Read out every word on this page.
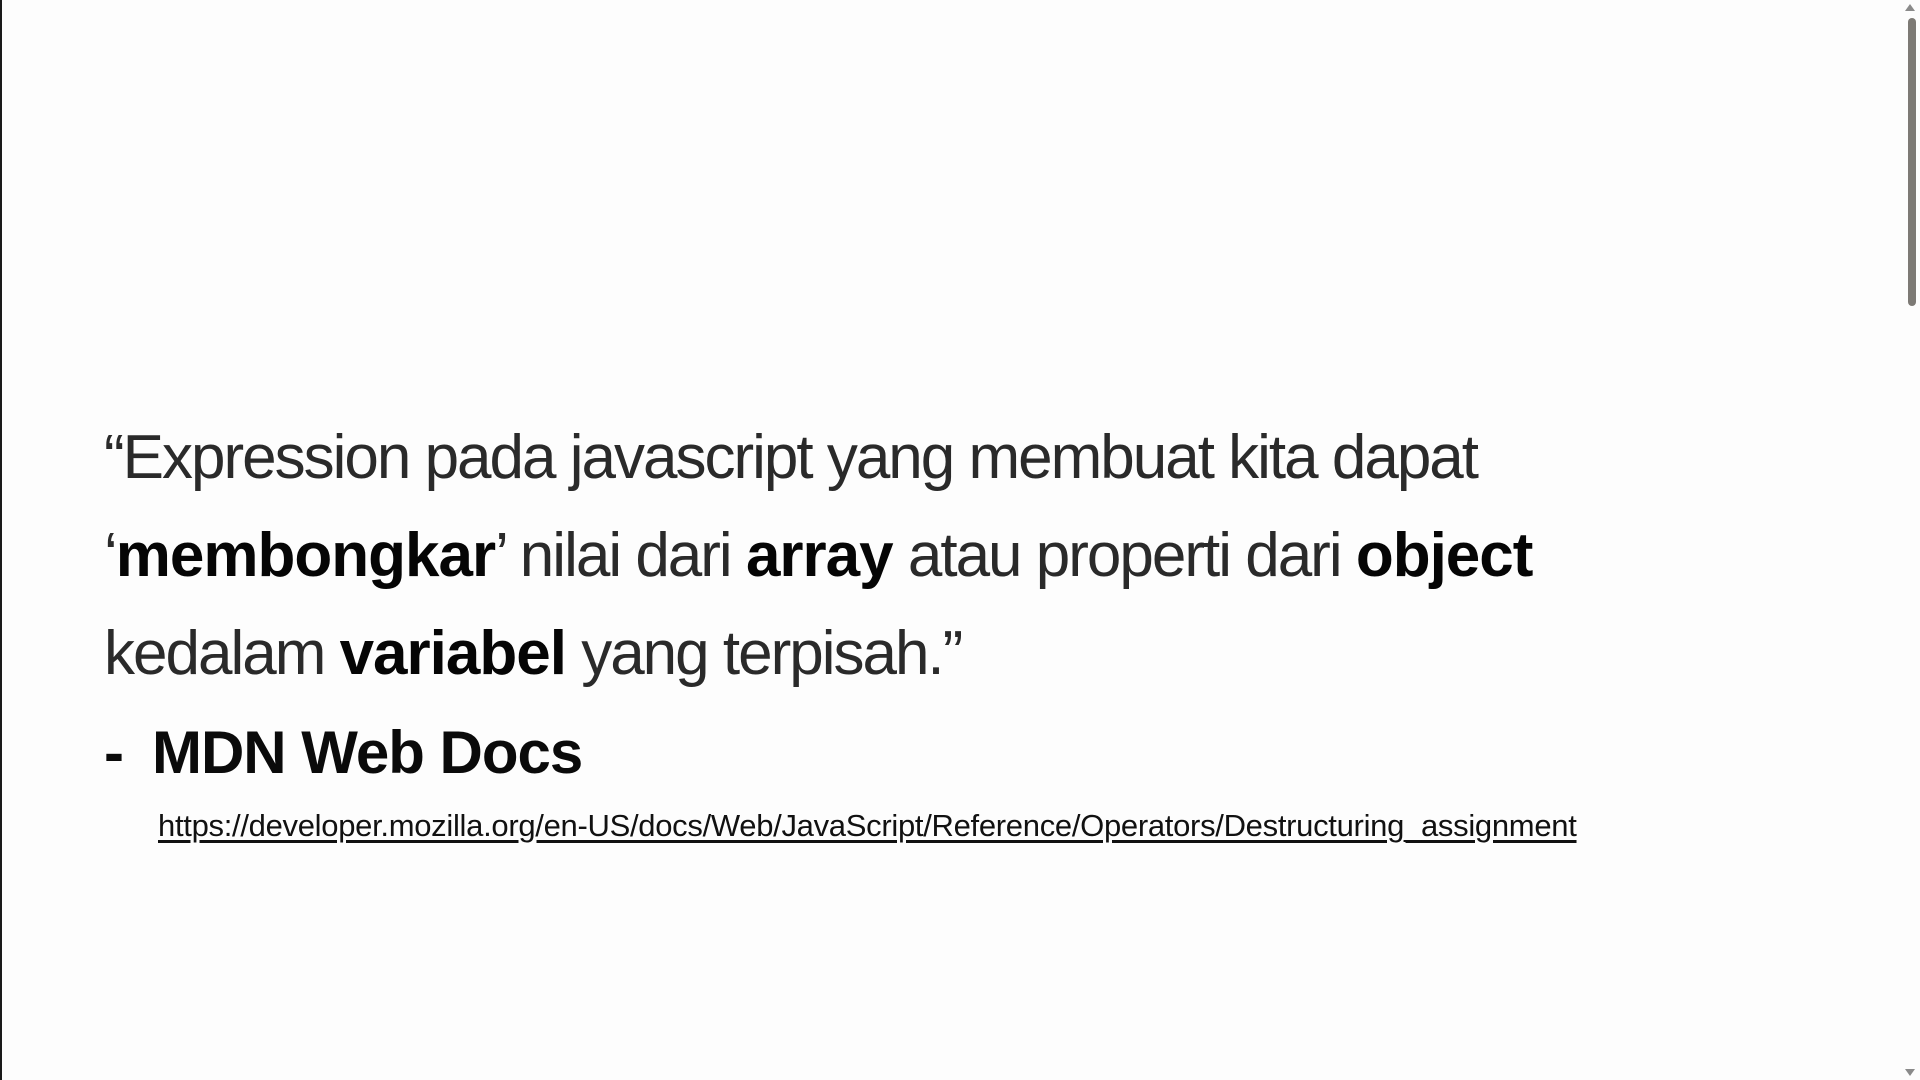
“Expression pada javascript yang membuat kita dapat
‘membongkar’ nilai dari array atau properti dari object
kedalam variabel yang terpisah.”

- MDN Web Docs

https://developer.mozilla.org/en-US/docs/Web/JavaScript/Reference/Operators/Destructuring_assignment
